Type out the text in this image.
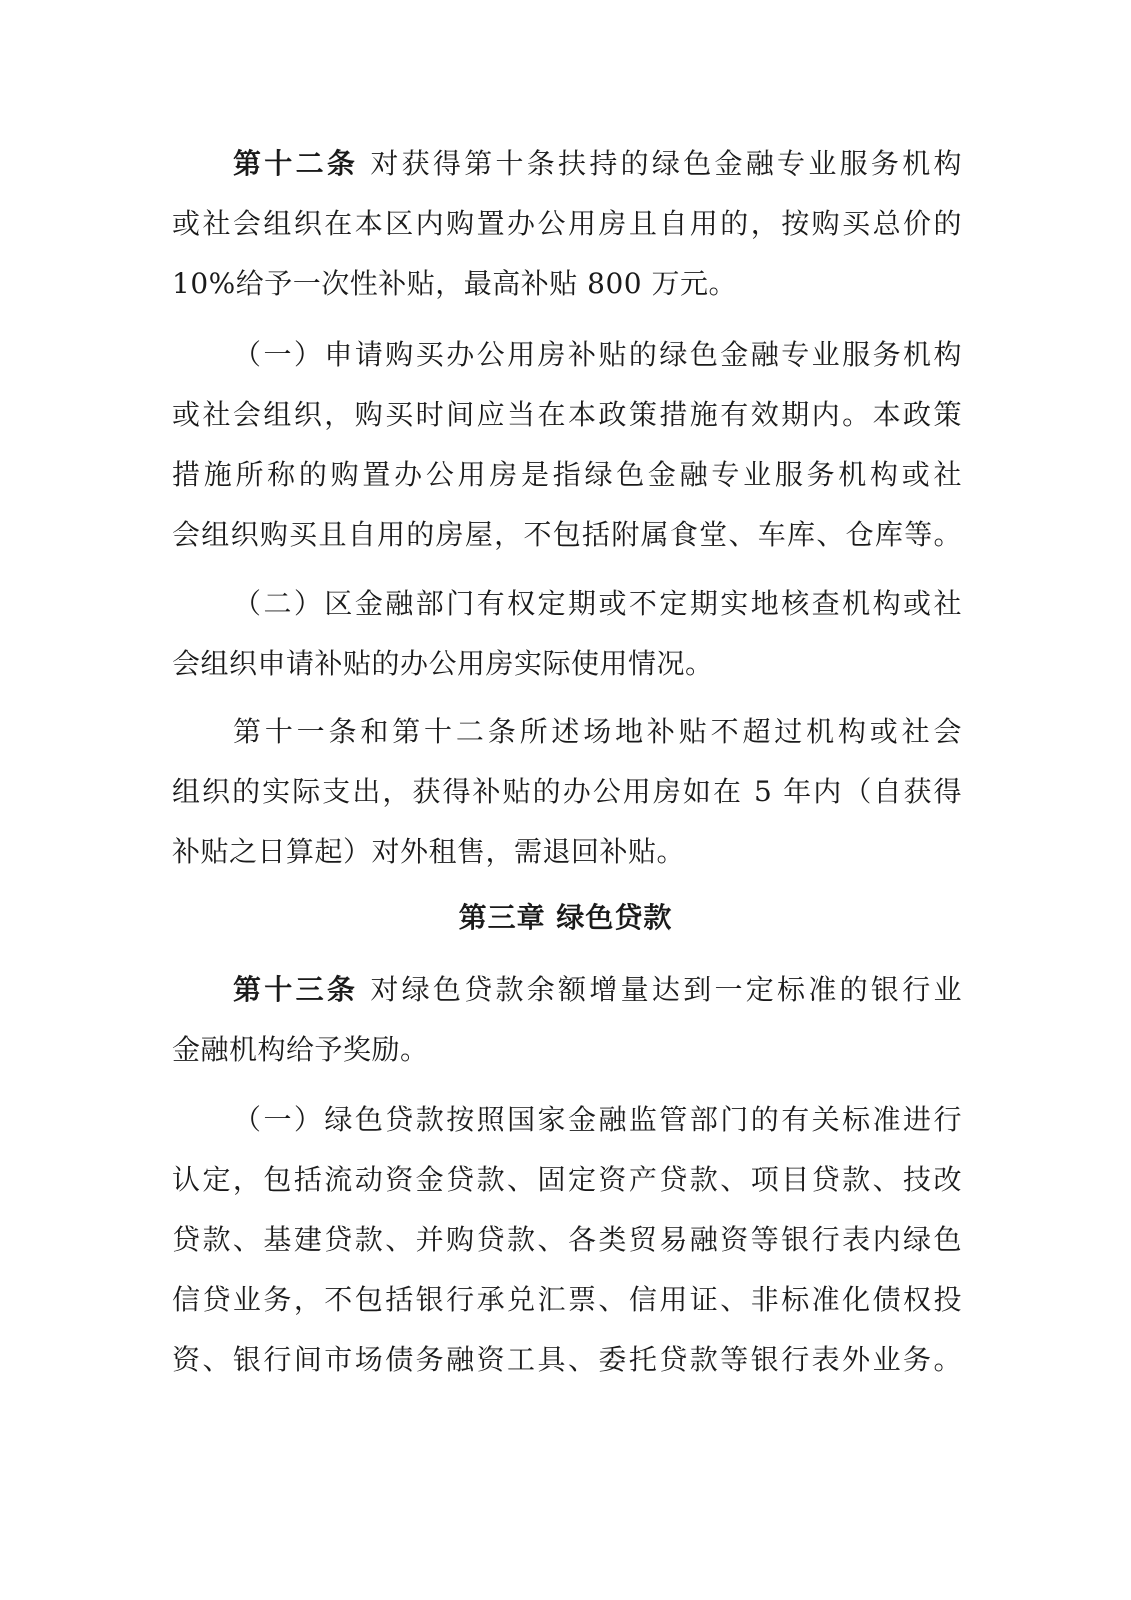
第十二条 对获得第十条扶持的绿色金融专业服务机构
或社会组织在本区内购置办公用房且自用的，按购买总价的
10%给予一次性补贴，最高补贴 800 万元。
（一）申请购买办公用房补贴的绿色金融专业服务机构
或社会组织，购买时间应当在本政策措施有效期内。本政策
措施所称的购置办公用房是指绿色金融专业服务机构或社
会组织购买且自用的房屋，不包括附属食堂、车库、仓库等。
（二）区金融部门有权定期或不定期实地核查机构或社
会组织申请补贴的办公用房实际使用情况。
第十一条和第十二条所述场地补贴不超过机构或社会
组织的实际支出，获得补贴的办公用房如在 5 年内（自获得
补贴之日算起）对外租售，需退回补贴。
第三章 绿色贷款
第十三条 对绿色贷款余额增量达到一定标准的银行业
金融机构给予奖励。
（一）绿色贷款按照国家金融监管部门的有关标准进行
认定，包括流动资金贷款、固定资产贷款、项目贷款、技改
贷款、基建贷款、并购贷款、各类贸易融资等银行表内绿色
信贷业务，不包括银行承兑汇票、信用证、非标准化债权投
资、银行间市场债务融资工具、委托贷款等银行表外业务。
